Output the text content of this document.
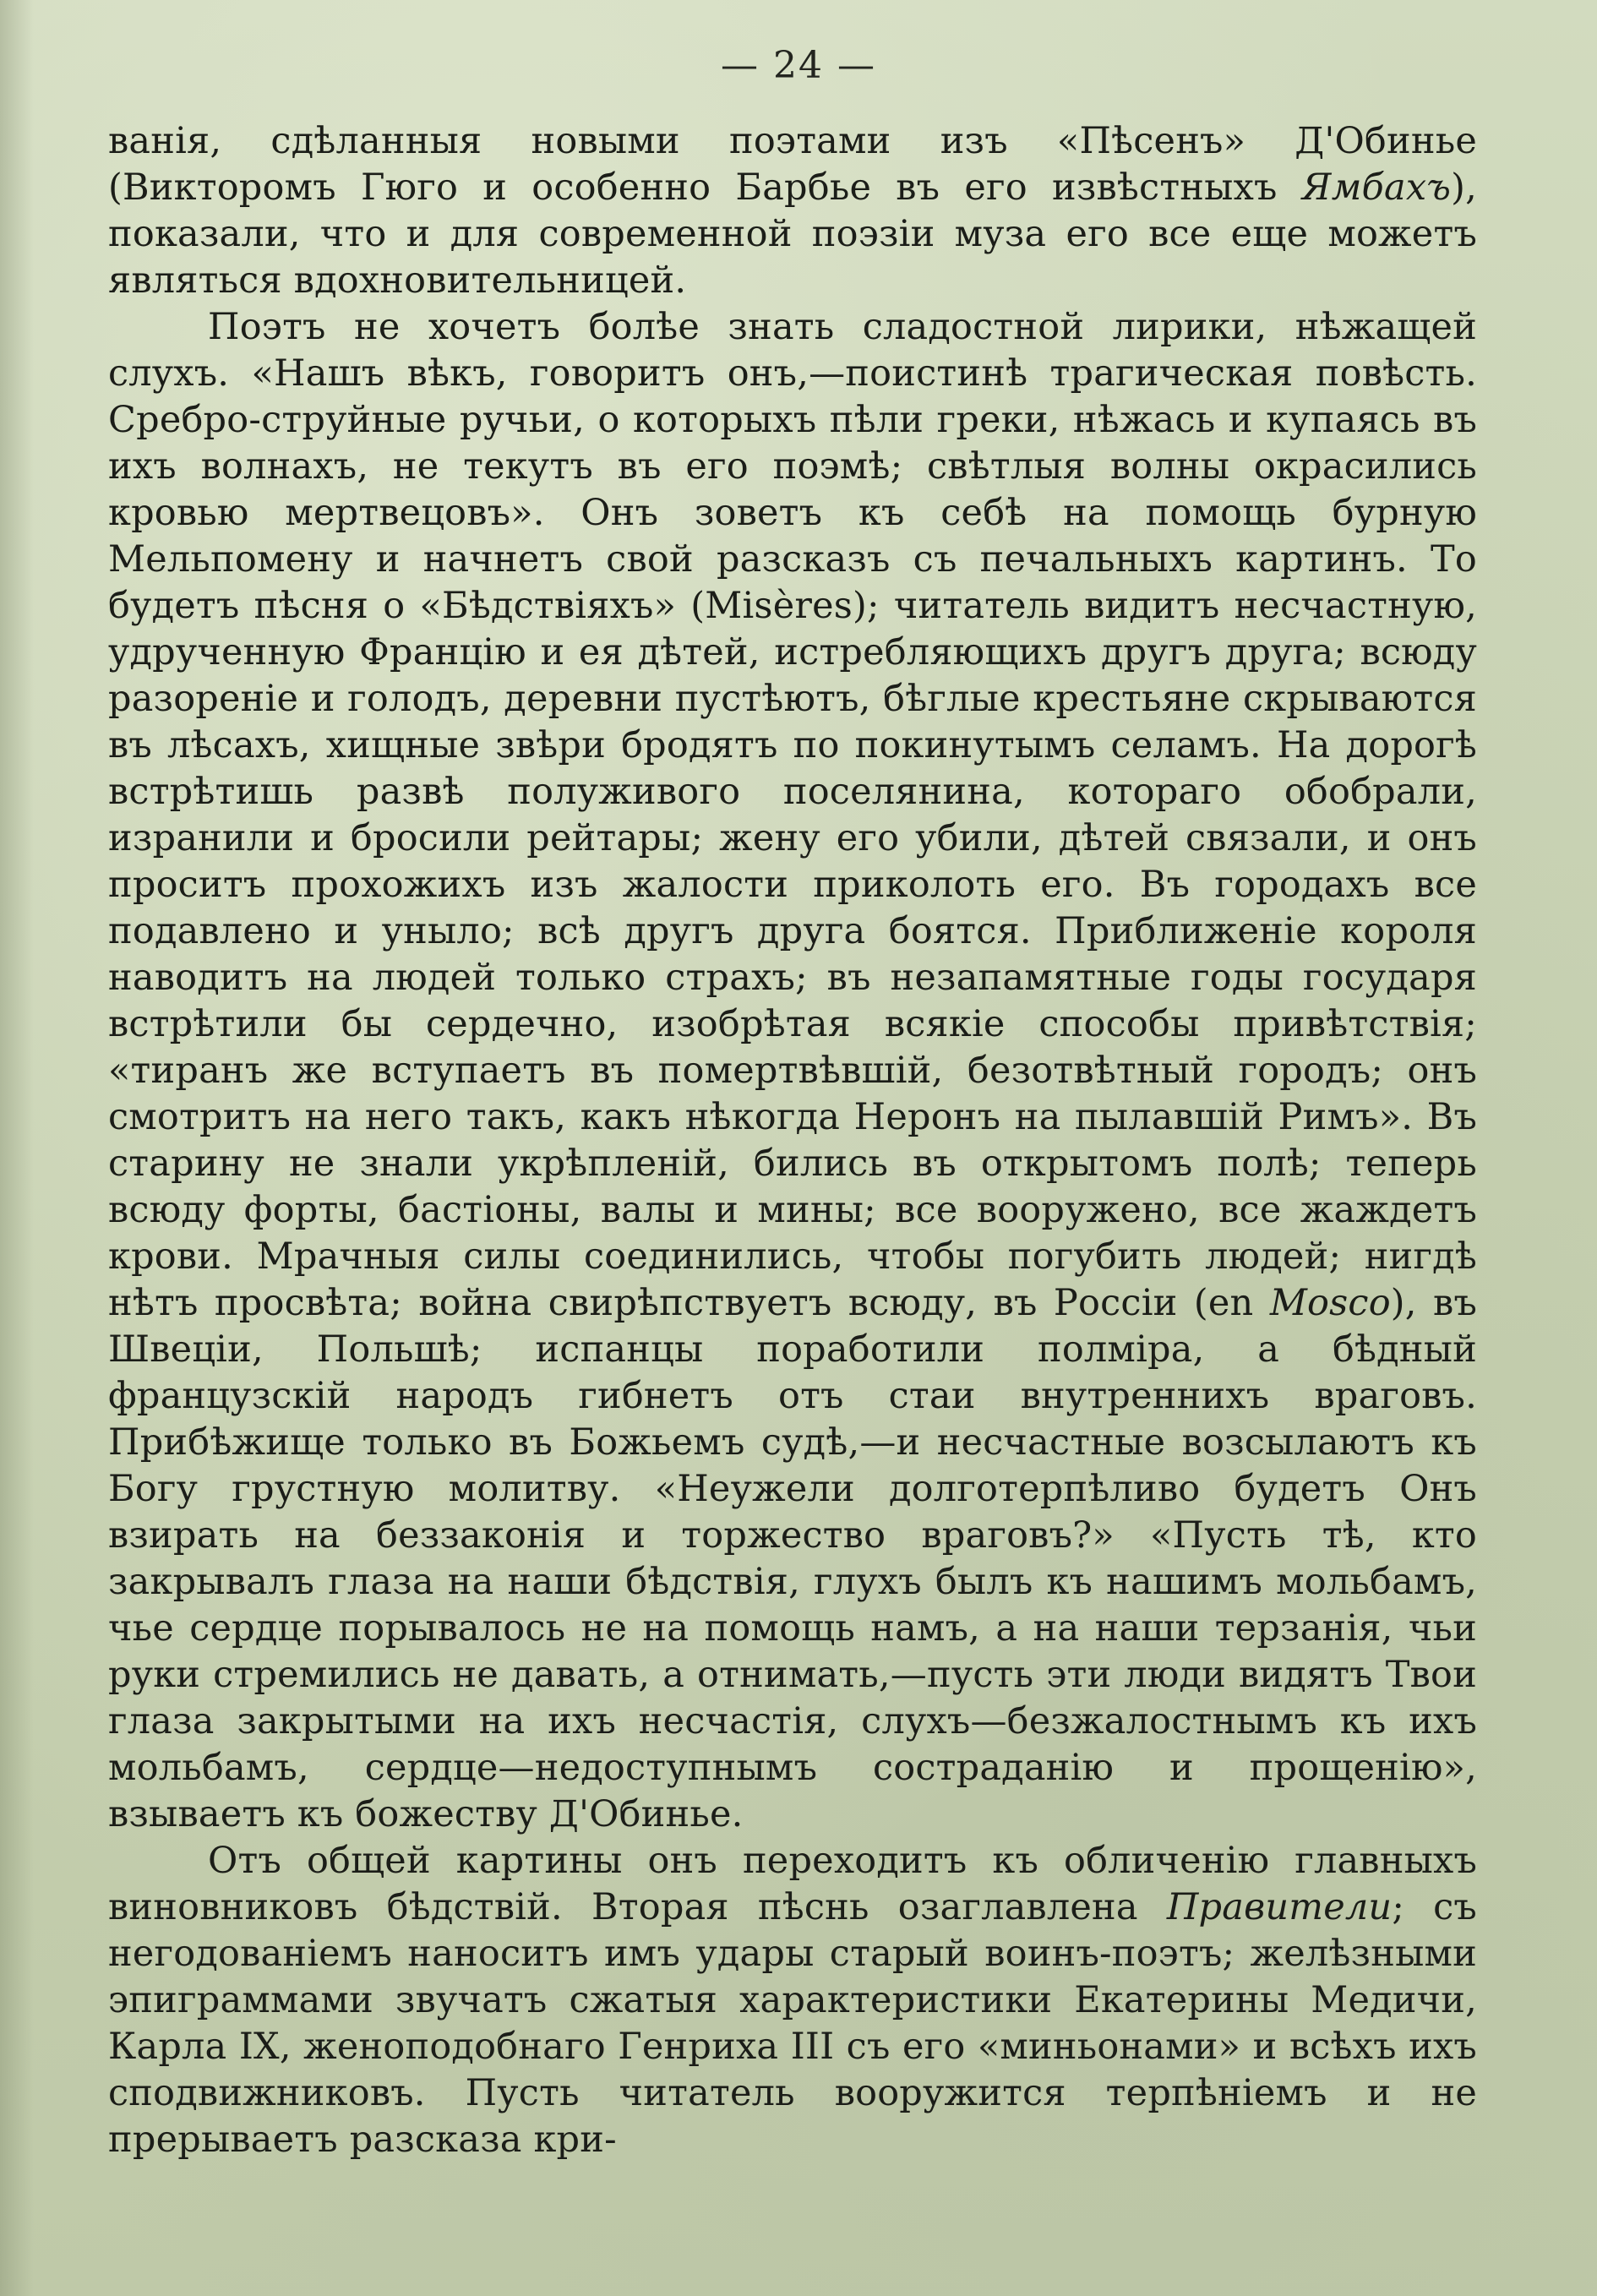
— 24 —

ванія, сдѣланныя новыми поэтами изъ «Пѣсенъ» Д'Обинье (Викторомъ Гюго и особенно Барбье въ его извѣстныхъ Ямбахъ), показали, что и для современной поэзіи муза его все еще можетъ являться вдохновительницей.

Поэтъ не хочетъ болѣе знать сладостной лирики, нѣжащей слухъ. «Нашъ вѣкъ, говоритъ онъ,—поистинѣ трагическая повѣсть. Сребро-струйные ручьи, о которыхъ пѣли греки, нѣжась и купаясь въ ихъ волнахъ, не текутъ въ его поэмѣ; свѣтлыя волны окрасились кровью мертвецовъ». Онъ зоветъ къ себѣ на помощь бурную Мельпомену и начнетъ свой разсказъ съ печальныхъ картинъ. То будетъ пѣсня о «Бѣдствіяхъ» (Misères); читатель видитъ несчастную, удрученную Францію и ея дѣтей, истребляющихъ другъ друга; всюду разореніе и голодъ, деревни пустѣютъ, бѣглые крестьяне скрываются въ лѣсахъ, хищные звѣри бродятъ по покинутымъ селамъ. На дорогѣ встрѣтишь развѣ полуживого поселянина, котораго обобрали, изранили и бросили рейтары; жену его убили, дѣтей связали, и онъ проситъ прохожихъ изъ жалости приколоть его. Въ городахъ все подавлено и уныло; всѣ другъ друга боятся. Приближеніе короля наводитъ на людей только страхъ; въ незапамятные годы государя встрѣтили бы сердечно, изобрѣтая всякіе способы привѣтствія; «тиранъ же вступаетъ въ помертвѣвшій, безотвѣтный городъ; онъ смотритъ на него такъ, какъ нѣкогда Неронъ на пылавшій Римъ». Въ старину не знали укрѣпленій, бились въ открытомъ полѣ; теперь всюду форты, бастіоны, валы и мины; все вооружено, все жаждетъ крови. Мрачныя силы соединились, чтобы погубить людей; нигдѣ нѣтъ просвѣта; война свирѣпствуетъ всюду, въ Россіи (en Mosco), въ Швеціи, Польшѣ; испанцы поработили полміра, а бѣдный французскій народъ гибнетъ отъ стаи внутреннихъ враговъ. Прибѣжище только въ Божьемъ судѣ,—и несчастные возсылаютъ къ Богу грустную молитву. «Неужели долготерпѣливо будетъ Онъ взирать на беззаконія и торжество враговъ?» «Пусть тѣ, кто закрывалъ глаза на наши бѣдствія, глухъ былъ къ нашимъ мольбамъ, чье сердце порывалось не на помощь намъ, а на наши терзанія, чьи руки стремились не давать, а отнимать,—пусть эти люди видятъ Твои глаза закрытыми на ихъ несчастія, слухъ—безжалостнымъ къ ихъ мольбамъ, сердце—недоступнымъ состраданію и прощенію», взываетъ къ божеству Д'Обинье.

Отъ общей картины онъ переходитъ къ обличенію главныхъ виновниковъ бѣдствій. Вторая пѣснь озаглавлена Правители; съ негодованіемъ наноситъ имъ удары старый воинъ-поэтъ; желѣзными эпиграммами звучатъ сжатыя характеристики Екатерины Медичи, Карла IX, женоподобнаго Генриха III съ его «миньонами» и всѣхъ ихъ сподвижниковъ. Пусть читатель вооружится терпѣніемъ и не прерываетъ разсказа кри-
